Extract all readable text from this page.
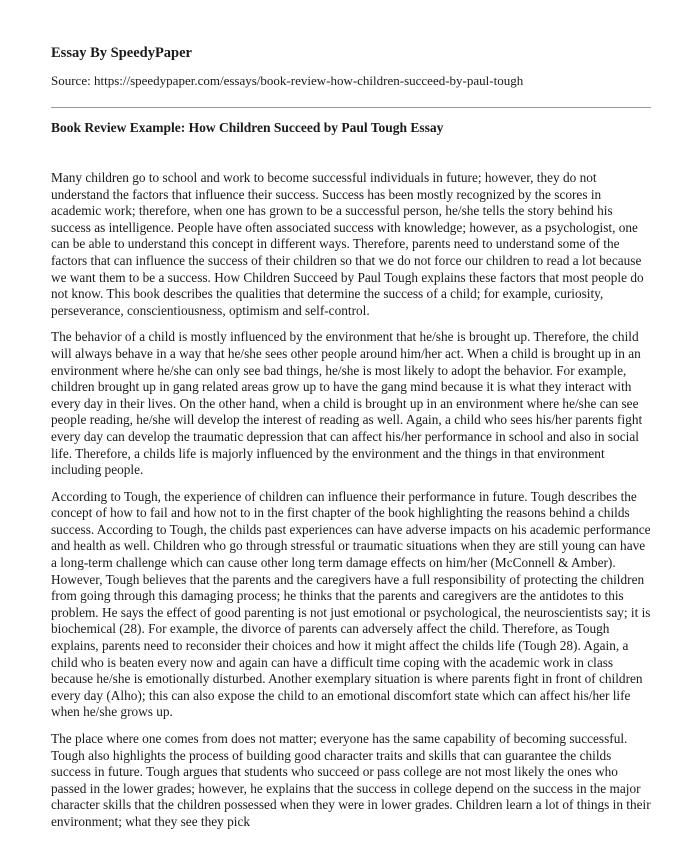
Essay By SpeedyPaper
Source: https://speedypaper.com/essays/book-review-how-children-succeed-by-paul-tough
Book Review Example: How Children Succeed by Paul Tough Essay

Many children go to school and work to become successful individuals in future; however, they do not understand the factors that influence their success. Success has been mostly recognized by the scores in academic work; therefore, when one has grown to be a successful person, he/she tells the story behind his success as intelligence. People have often associated success with knowledge; however, as a psychologist, one can be able to understand this concept in different ways. Therefore, parents need to understand some of the factors that can influence the success of their children so that we do not force our children to read a lot because we want them to be a success. How Children Succeed by Paul Tough explains these factors that most people do not know. This book describes the qualities that determine the success of a child; for example, curiosity, perseverance, conscientiousness, optimism and self-control.

The behavior of a child is mostly influenced by the environment that he/she is brought up. Therefore, the child will always behave in a way that he/she sees other people around him/her act. When a child is brought up in an environment where he/she can only see bad things, he/she is most likely to adopt the behavior. For example, children brought up in gang related areas grow up to have the gang mind because it is what they interact with every day in their lives. On the other hand, when a child is brought up in an environment where he/she can see people reading, he/she will develop the interest of reading as well. Again, a child who sees his/her parents fight every day can develop the traumatic depression that can affect his/her performance in school and also in social life. Therefore, a childs life is majorly influenced by the environment and the things in that environment including people.

According to Tough, the experience of children can influence their performance in future. Tough describes the concept of how to fail and how not to in the first chapter of the book highlighting the reasons behind a childs success. According to Tough, the childs past experiences can have adverse impacts on his academic performance and health as well. Children who go through stressful or traumatic situations when they are still young can have a long-term challenge which can cause other long term damage effects on him/her (McConnell & Amber). However, Tough believes that the parents and the caregivers have a full responsibility of protecting the children from going through this damaging process; he thinks that the parents and caregivers are the antidotes to this problem. He says the effect of good parenting is not just emotional or psychological, the neuroscientists say; it is biochemical (28). For example, the divorce of parents can adversely affect the child. Therefore, as Tough explains, parents need to reconsider their choices and how it might affect the childs life (Tough 28). Again, a child who is beaten every now and again can have a difficult time coping with the academic work in class because he/she is emotionally disturbed. Another exemplary situation is where parents fight in front of children every day (Alho); this can also expose the child to an emotional discomfort state which can affect his/her life when he/she grows up.

The place where one comes from does not matter; everyone has the same capability of becoming successful. Tough also highlights the process of building good character traits and skills that can guarantee the childs success in future. Tough argues that students who succeed or pass college are not most likely the ones who passed in the lower grades; however, he explains that the success in college depend on the success in the major character skills that the children possessed when they were in lower grades. Children learn a lot of things in their environment; what they see they pick
